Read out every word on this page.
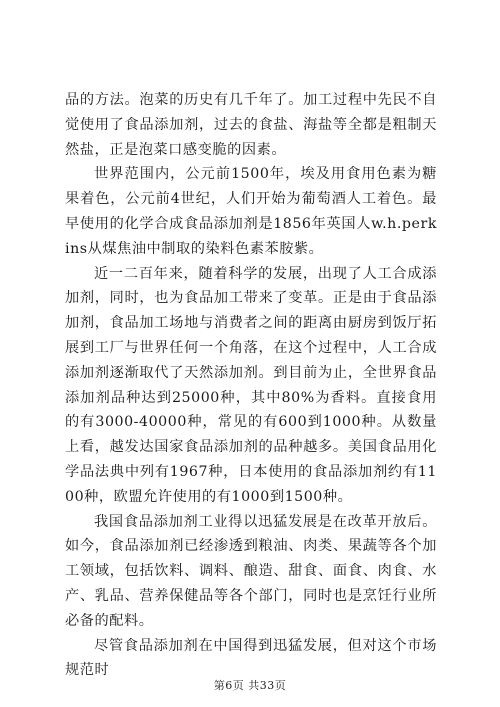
品的方法。泡菜的历史有几千年了。加工过程中先民不自觉使用了食品添加剂，过去的食盐、海盐等全都是粗制天然盐，正是泡菜口感变脆的因素。

世界范围内，公元前1500年，埃及用食用色素为糖果着色，公元前4世纪，人们开始为葡萄酒人工着色。最早使用的化学合成食品添加剂是1856年英国人w.h.perkins从煤焦油中制取的染料色素苯胺紫。

近一二百年来，随着科学的发展，出现了人工合成添加剂，同时，也为食品加工带来了变革。正是由于食品添加剂，食品加工场地与消费者之间的距离由厨房到饭厅拓展到工厂与世界任何一个角落，在这个过程中，人工合成添加剂逐渐取代了天然添加剂。到目前为止，全世界食品添加剂品种达到25000种，其中80%为香料。直接食用的有3000-40000种，常见的有600到1000种。从数量上看，越发达国家食品添加剂的品种越多。美国食品用化学品法典中列有1967种，日本使用的食品添加剂约有1100种，欧盟允许使用的有1000到1500种。

我国食品添加剂工业得以迅猛发展是在改革开放后。如今，食品添加剂已经渗透到粮油、肉类、果蔬等各个加工领域，包括饮料、调料、酿造、甜食、面食、肉食、水产、乳品、营养保健品等各个部门，同时也是烹饪行业所必备的配料。

尽管食品添加剂在中国得到迅猛发展，但对这个市场规范时

第6页 共33页
